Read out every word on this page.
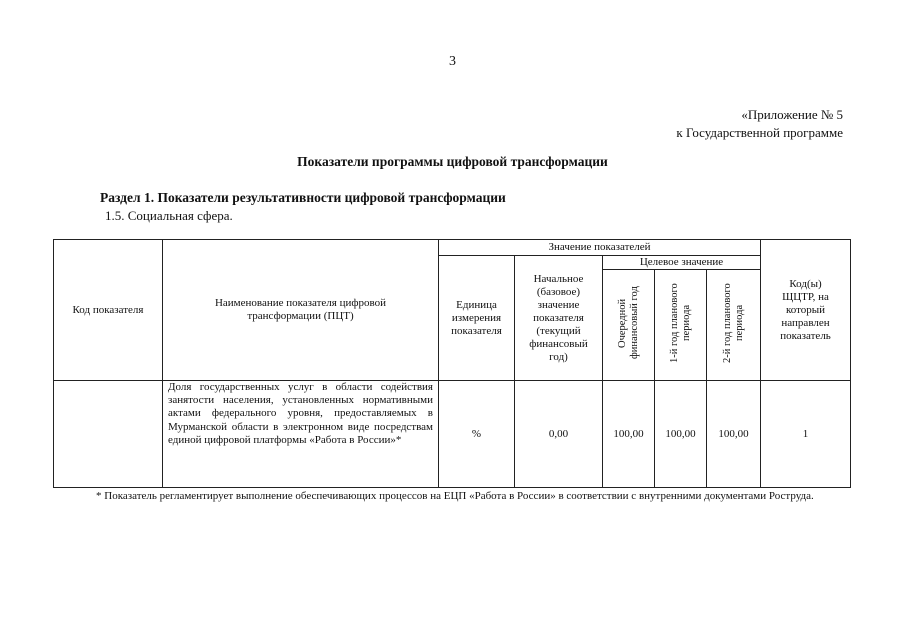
3
«Приложение № 5
к Государственной программе
Показатели программы цифровой трансформации
Раздел 1. Показатели результативности цифровой трансформации
1.5. Социальная сфера.
Код показателя	Наименование показателя цифровой трансформации (ПЦТ)	Значение показателей					Код(ы) ЩЦТР, на который направлен показатель

		Единица измерения показателя	Начальное (базовое) значение показателя (текущий финансовый год)	Целевое значение			
				Очередной финансовый год	1-й год планового периода	2-й год планового периода	
	Доля государственных услуг в области содействия занятости населения, установленных нормативными актами федерального уровня, предоставляемых в Мурманской области в электронном виде посредствам единой цифровой платформы «Работа в России»*	%	0,00	100,00	100,00	100,00	1
* Показатель регламентирует выполнение обеспечивающих процессов на ЕЦП «Работа в России» в соответствии с внутренними документами Роструда.
